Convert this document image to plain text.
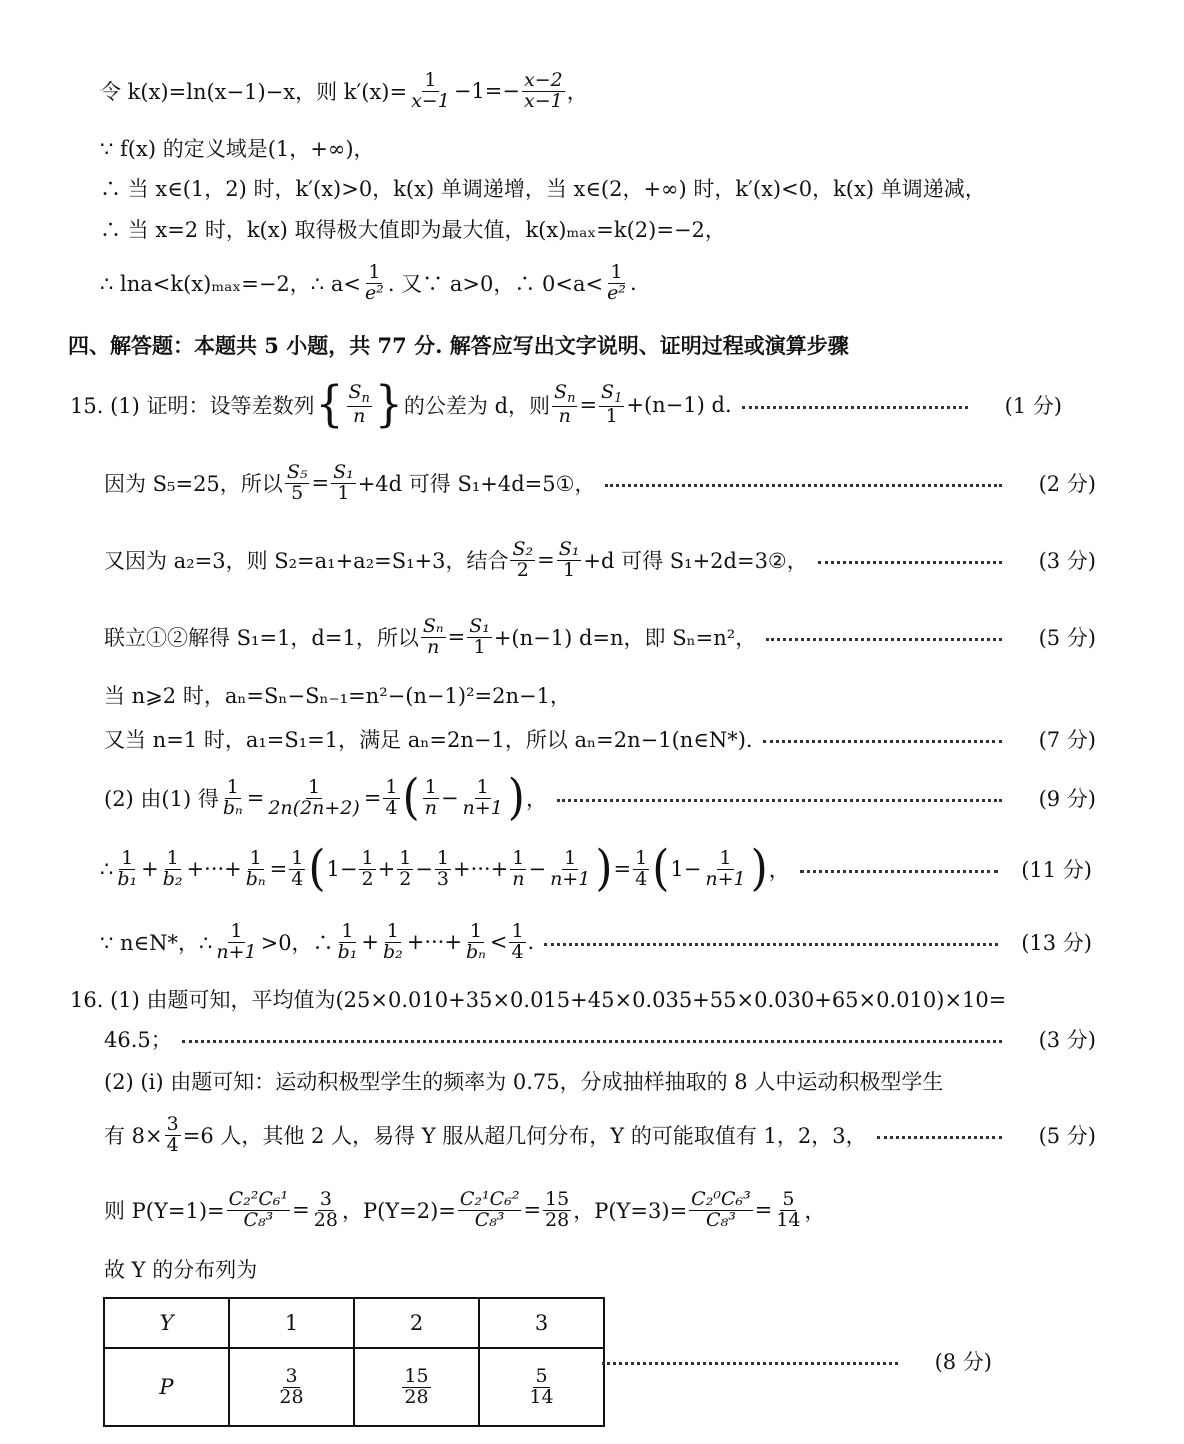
令 k(x)=ln(x−1)−x，则 $k'(x)= \frac{1}{x-1} -1=- \frac{x-2}{x-1}$ ，
∵ f(x) 的定义域是(1，+∞)，
∴ 当 x∈(1，2) 时，k′(x)>0，k(x) 单调递增，当 x∈(2，+∞) 时，k′(x)<0，k(x) 单调递减，
∴ 当 x=2 时，k(x) 取得极大值即为最大值，k(x)ₘₐₓ=k(2)=−2，
∴ lna<k(x)ₘₐₓ=−2，∴ $a< \frac{1}{\text{e²}}$ . 又∵ a>0，∴ $0<a< \frac{1}{\text{e²}}$ .
四、解答题：本题共 5 小题，共 77 分. 解答应写出文字说明、证明过程或演算步骤
15. (1) 证明：设等差数列 { $\frac{S_n}{n}$ } 的公差为 d，则 $\frac{S_n}{n} = \frac{S_1}{1} +(n-1)$ d.	(1 分)
因为 S₅=25，所以 $\frac{\text{S₅}}{5} = \frac{\text{S₁}}{1} +4d$ 可得 S₁+4d=5①，	(2 分)
又因为 a₂=3，则 S₂=a₁+a₂=S₁+3，结合 $\frac{\text{S₂}}{2} = \frac{\text{S₁}}{1} +d$ 可得 S₁+2d=3②，	(3 分)
联立①②解得 S₁=1，d=1，所以 $\frac{\text{Sₙ}}{n} = \frac{\text{S₁}}{1} +(n-1)$ d=n，即 Sₙ=n²，	(5 分)
当 n⩾2 时，aₙ=Sₙ−Sₙ₋₁=n²−(n−1)²=2n−1，
又当 n=1 时，a₁=S₁=1，满足 aₙ=2n−1，所以 aₙ=2n−1(n∈N*).	(7 分)
(2) 由(1) 得 $\frac{1}{\text{bₙ}} = \frac{1}{2n(2n+2)} = \frac{1}{4}$ ( $\frac{1}{n} - \frac{1}{n+1}$ ) ，	(9 分)
∴ $\frac{1}{\text{b₁}} + \frac{1}{\text{b₂}}$ +···+ $\frac{1}{\text{bₙ}} = \frac{1}{4}$ ( $1- \frac{1}{2} + \frac{1}{2} - \frac{1}{3}$ +···+ $\frac{1}{n} - \frac{1}{n+1}$ ) = $\frac{1}{4}$ ( $1- \frac{1}{n+1}$ ) ，	(11 分)
∵ n∈N*，∴ $\frac{1}{n+1} >0$，∴ $\frac{1}{\text{b₁}} + \frac{1}{\text{b₂}}$ +···+ $\frac{1}{\text{bₙ}} < \frac{1}{4}$ .	(13 分)
16. (1) 由题可知，平均值为(25×0.010+35×0.015+45×0.035+55×0.030+65×0.010)×10=
46.5；	(3 分)
(2) (ⅰ) 由题可知：运动积极型学生的频率为 0.75，分成抽样抽取的 8 人中运动积极型学生
有 $8\times \frac{3}{4} =6$ 人，其他 2 人，易得 Y 服从超几何分布，Y 的可能取值有 1，2，3，	(5 分)
则 $P(Y=1)= \frac{\text{C₂²C₆¹}}{\text{C₈³}} = \frac{3}{28}$ ，$P(Y=2)= \frac{\text{C₂¹C₆²}}{\text{C₈³}} = \frac{15}{28}$ ，$P(Y=3)= \frac{\text{C₂⁰C₆³}}{\text{C₈³}} = \frac{5}{14}$ ，
故 Y 的分布列为
Y	1	2	3
P	$\frac{3}{28}$	$\frac{15}{28}$	$\frac{5}{14}$
(8 分)
